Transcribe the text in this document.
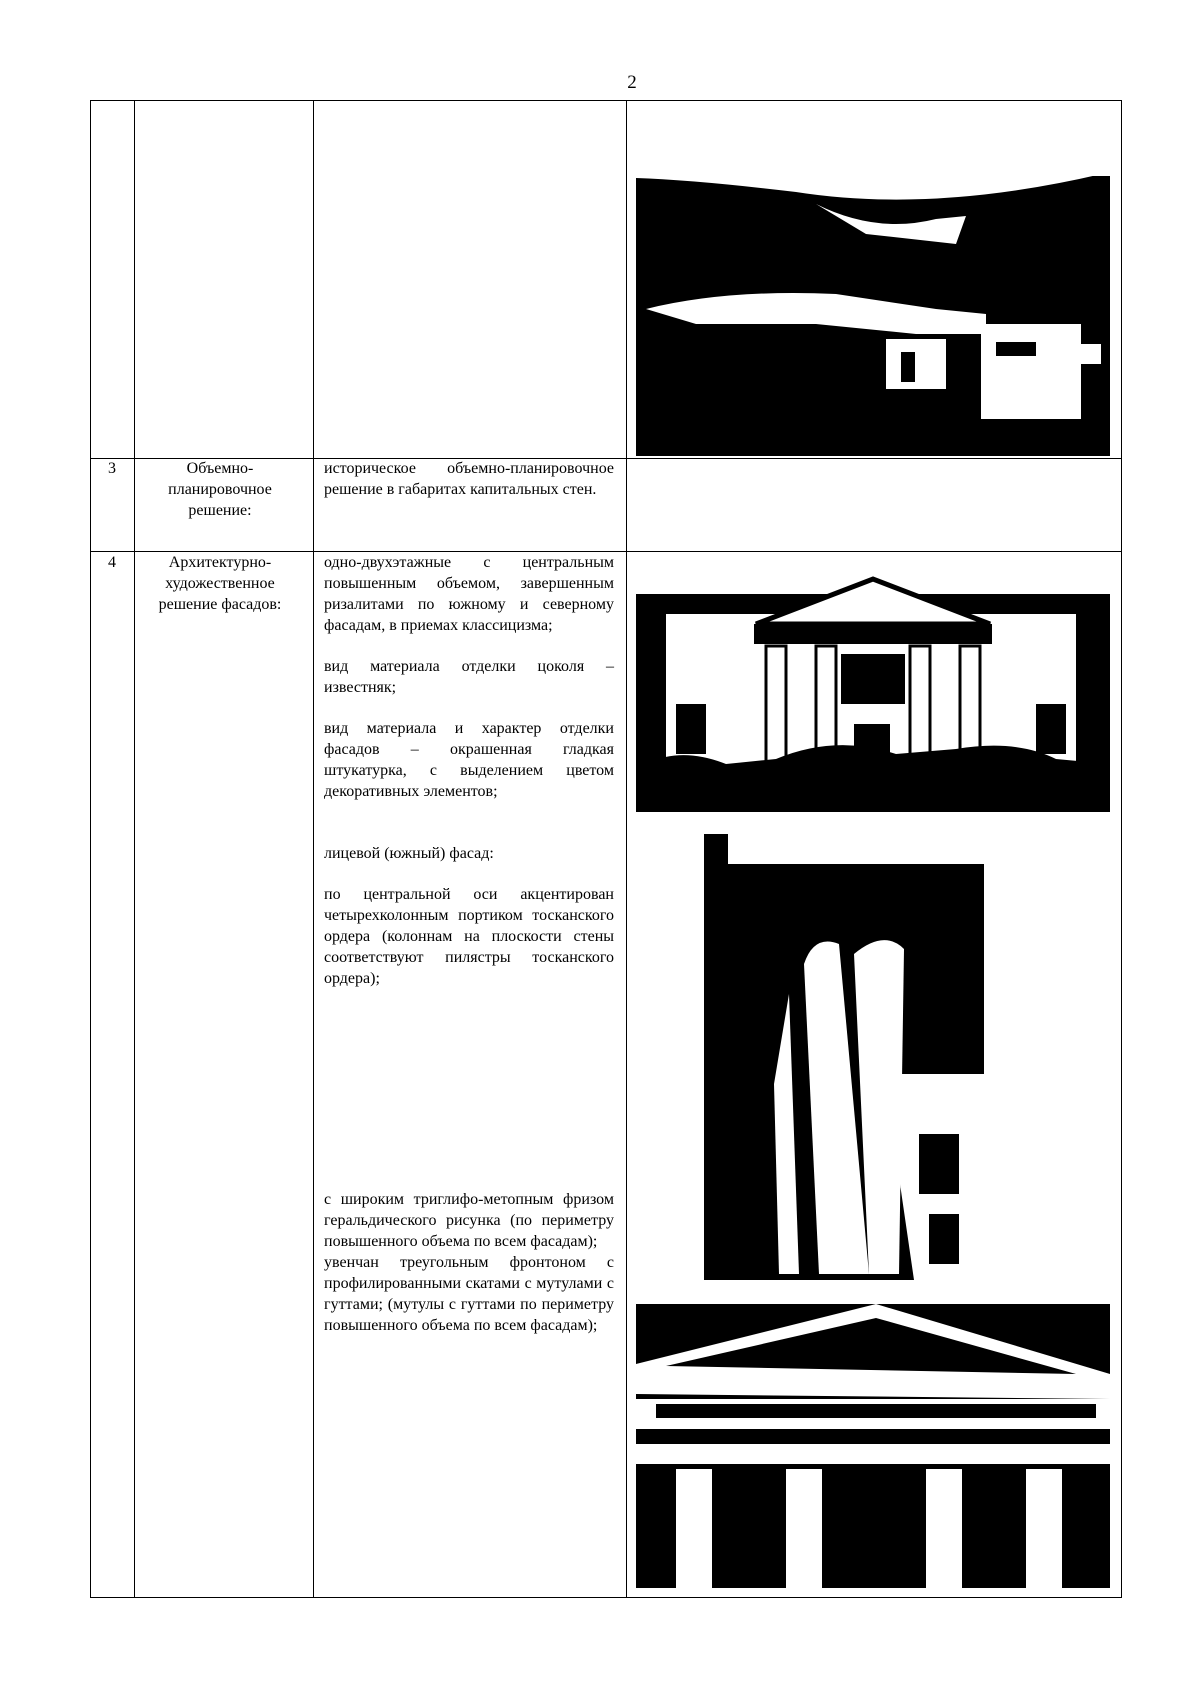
2
3	Объемно-планировочное решение:

историческое объемно-планировочное решение в габаритах капитальных стен.

4	Архитектурно-художественное решение фасадов:

одно-двухэтажные с центральным повышенным объемом, завершенным ризалитами по южному и северному фасадам, в приемах классицизма;

вид материала отделки цоколя – известняк;

вид материала и характер отделки фасадов – окрашенная гладкая штукатурка, с выделением цветом декоративных элементов;

лицевой (южный) фасад:

по центральной оси акцентирован четырехколонным портиком тосканского ордера (колоннам на плоскости стены соответствуют пилястры тосканского ордера);

с широким триглифо-метопным фризом геральдического рисунка (по периметру повышенного объема по всем фасадам);

увенчан треугольным фронтоном с профилированными скатами с мутулами с гуттами; (мутулы с гуттами по периметру повышенного объема по всем фасадам);
